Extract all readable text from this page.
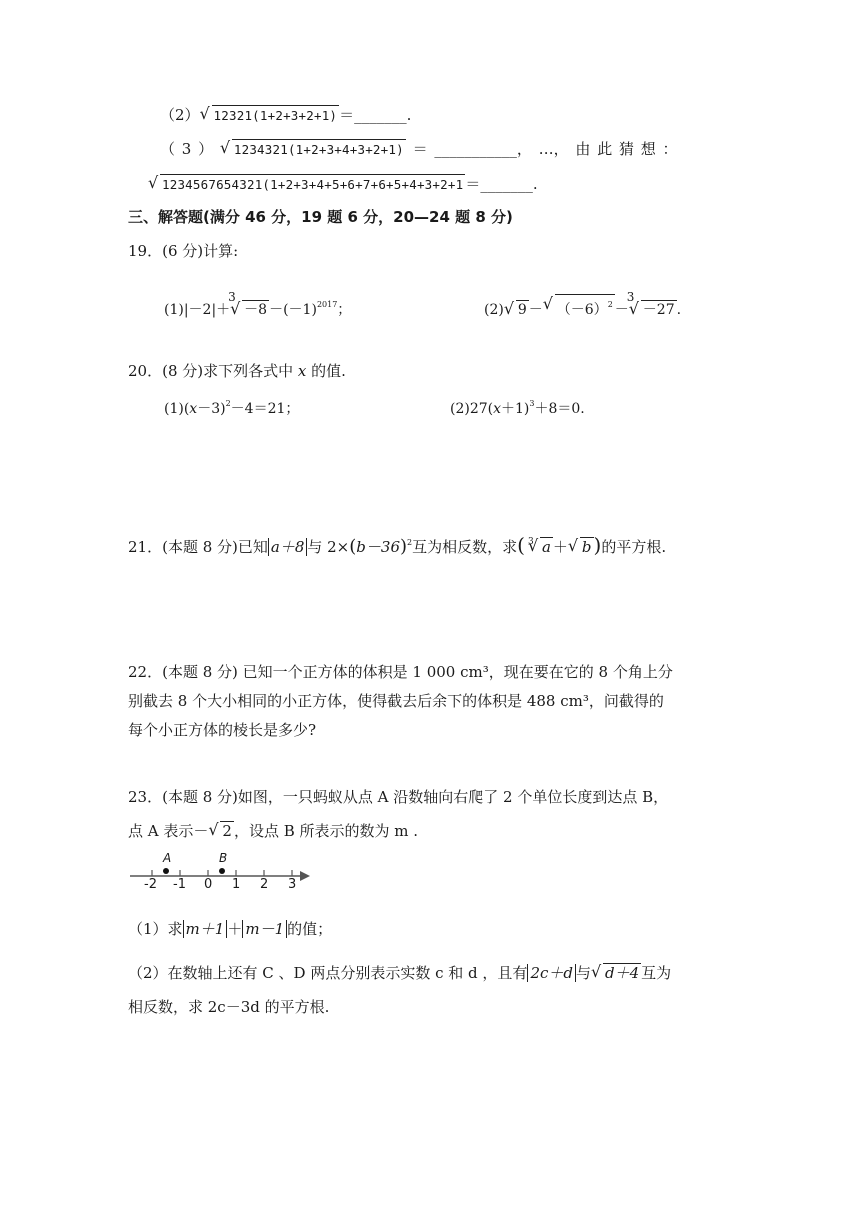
（2） √ 12321(1+2+3+2+1) ＝_______.
（ 3 ） √ 1234321(1+2+3+4+3+2+1) ＝ ___________， …， 由 此 猜 想 ：
√ 1234567654321(1+2+3+4+5+6+7+6+5+4+3+2+1 ＝_______.
三、解答题(满分 46 分，19 题 6 分，20—24 题 8 分)
19．(6 分)计算:
(1)|－2|＋
3
√ $-8 -(-1)^{2017}$；	(2) √ 9 － √ $(-6)^2$ －
3
√ －27 .
20．(8 分)求下列各式中 x 的值.
$(1)(x-3)^2-4=21$；	$(2)27(x+1)^3+8=0$.
21．(本题 8 分)已知 a＋8 与 $2\times(b-36)^2$互为相反数，求( 3 √ a ＋ √ b )的平方根.
22．(本题 8 分) 已知一个正方体的体积是 1 000 cm³，现在要在它的 8 个角上分
别截去 8 个大小相同的小正方体，使得截去后余下的体积是 488 cm³，问截得的
每个小正方体的棱长是多少?
23．(本题 8 分)如图，一只蚂蚁从点 A 沿数轴向右爬了 2 个单位长度到达点 B，
点 A 表示－ √ 2 ，设点 B 所表示的数为 m .
A	B
-2 -1 0 1 2 3
（1）求 m＋1 ＋ m－1 的值；
（2）在数轴上还有 C 、D 两点分别表示实数 c 和 d ，且有 2c＋d 与 √ d＋4 互为
相反数，求 2c－3d 的平方根.
